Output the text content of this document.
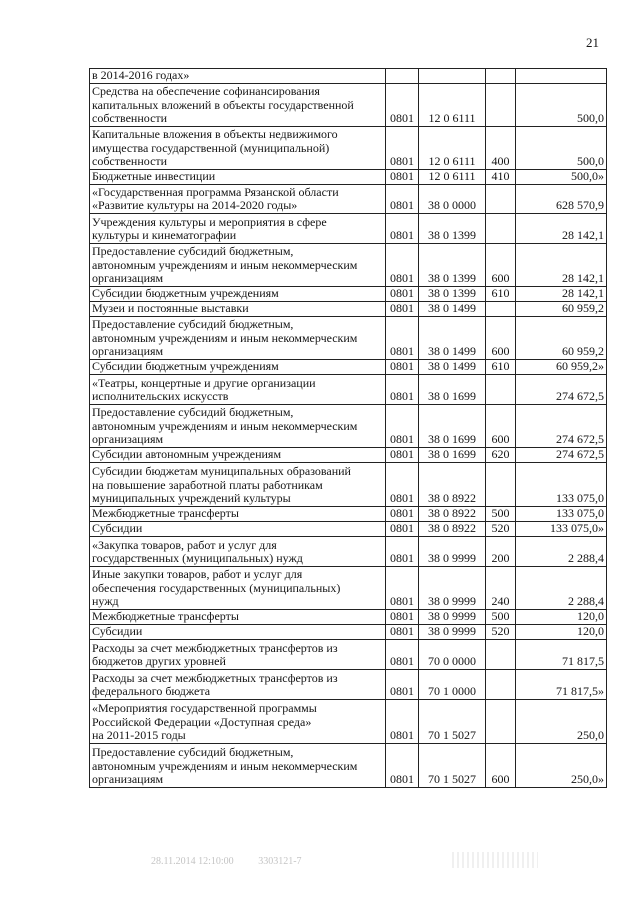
21
в 2014-2016 годах»				
Средства на обеспечение софинансирования
капитальных вложений в объекты государственной
собственности	0801	12 0 6111		500,0
Капитальные вложения в объекты недвижимого
имущества государственной (муниципальной)
собственности	0801	12 0 6111	400	500,0
Бюджетные инвестиции	0801	12 0 6111	410	500,0»
«Государственная программа Рязанской области
«Развитие культуры на 2014-2020 годы»	0801	38 0 0000		628 570,9
Учреждения культуры и мероприятия в сфере
культуры и кинематографии	0801	38 0 1399		28 142,1
Предоставление субсидий бюджетным,
автономным учреждениям и иным некоммерческим
организациям	0801	38 0 1399	600	28 142,1
Субсидии бюджетным учреждениям	0801	38 0 1399	610	28 142,1
Музеи и постоянные выставки	0801	38 0 1499		60 959,2
Предоставление субсидий бюджетным,
автономным учреждениям и иным некоммерческим
организациям	0801	38 0 1499	600	60 959,2
Субсидии бюджетным учреждениям	0801	38 0 1499	610	60 959,2»
«Театры, концертные и другие организации
исполнительских искусств	0801	38 0 1699		274 672,5
Предоставление субсидий бюджетным,
автономным учреждениям и иным некоммерческим
организациям	0801	38 0 1699	600	274 672,5
Субсидии автономным учреждениям	0801	38 0 1699	620	274 672,5
Субсидии бюджетам муниципальных образований
на повышение заработной платы работникам
муниципальных учреждений культуры	0801	38 0 8922		133 075,0
Межбюджетные трансферты	0801	38 0 8922	500	133 075,0
Субсидии	0801	38 0 8922	520	133 075,0»
«Закупка товаров, работ и услуг для
государственных (муниципальных) нужд	0801	38 0 9999	200	2 288,4
Иные закупки товаров, работ и услуг для
обеспечения государственных (муниципальных)
нужд	0801	38 0 9999	240	2 288,4
Межбюджетные трансферты	0801	38 0 9999	500	120,0
Субсидии	0801	38 0 9999	520	120,0
Расходы за счет межбюджетных трансфертов из
бюджетов других уровней	0801	70 0 0000		71 817,5
Расходы за счет межбюджетных трансфертов из
федерального бюджета	0801	70 1 0000		71 817,5»
«Мероприятия государственной программы
Российской Федерации «Доступная среда»
на 2011-2015 годы	0801	70 1 5027		250,0
Предоставление субсидий бюджетным,
автономным учреждениям и иным некоммерческим
организациям	0801	70 1 5027	600	250,0»
28.11.2014 12:10:00 3303121-7
